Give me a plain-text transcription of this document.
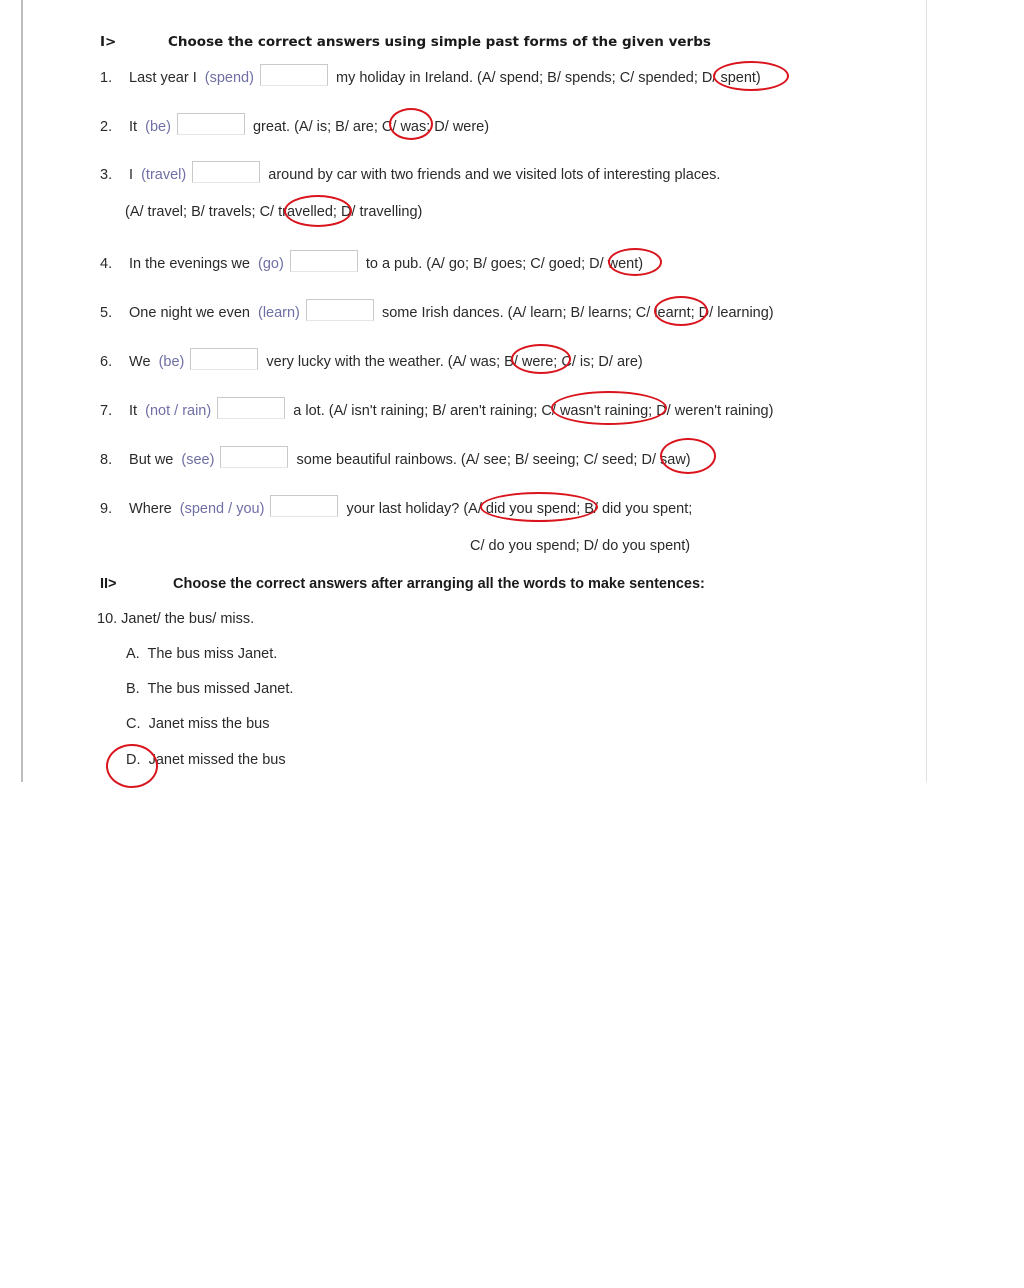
I>	Choose the correct answers using simple past forms of the given verbs
1. Last year I (spend)	my holiday in Ireland. (A/ spend; B/ spends; C/ spended; D/ spent)
2. It (be)	great. (A/ is; B/ are; C/ was; D/ were)
3. I (travel)	around by car with two friends and we visited lots of interesting places.
(A/ travel; B/ travels; C/ travelled; D/ travelling)
4. In the evenings we (go)	to a pub. (A/ go; B/ goes; C/ goed; D/ went)
5. One night we even (learn)	some Irish dances. (A/ learn; B/ learns; C/ learnt; D/ learning)
6. We (be)	very lucky with the weather. (A/ was; B/ were; C/ is; D/ are)
7. It (not / rain)	a lot. (A/ isn't raining; B/ aren't raining; C/ wasn't raining; D/ weren't raining)
8. But we (see)	some beautiful rainbows. (A/ see; B/ seeing; C/ seed; D/ saw)
9. Where (spend / you)	your last holiday? (A/ did you spend; B/ did you spent;
C/ do you spend; D/ do you spent)
II>	Choose the correct answers after arranging all the words to make sentences:
10. Janet/ the bus/ miss.
A. The bus miss Janet.
B. The bus missed Janet.
C. Janet miss the bus
D. Janet missed the bus
